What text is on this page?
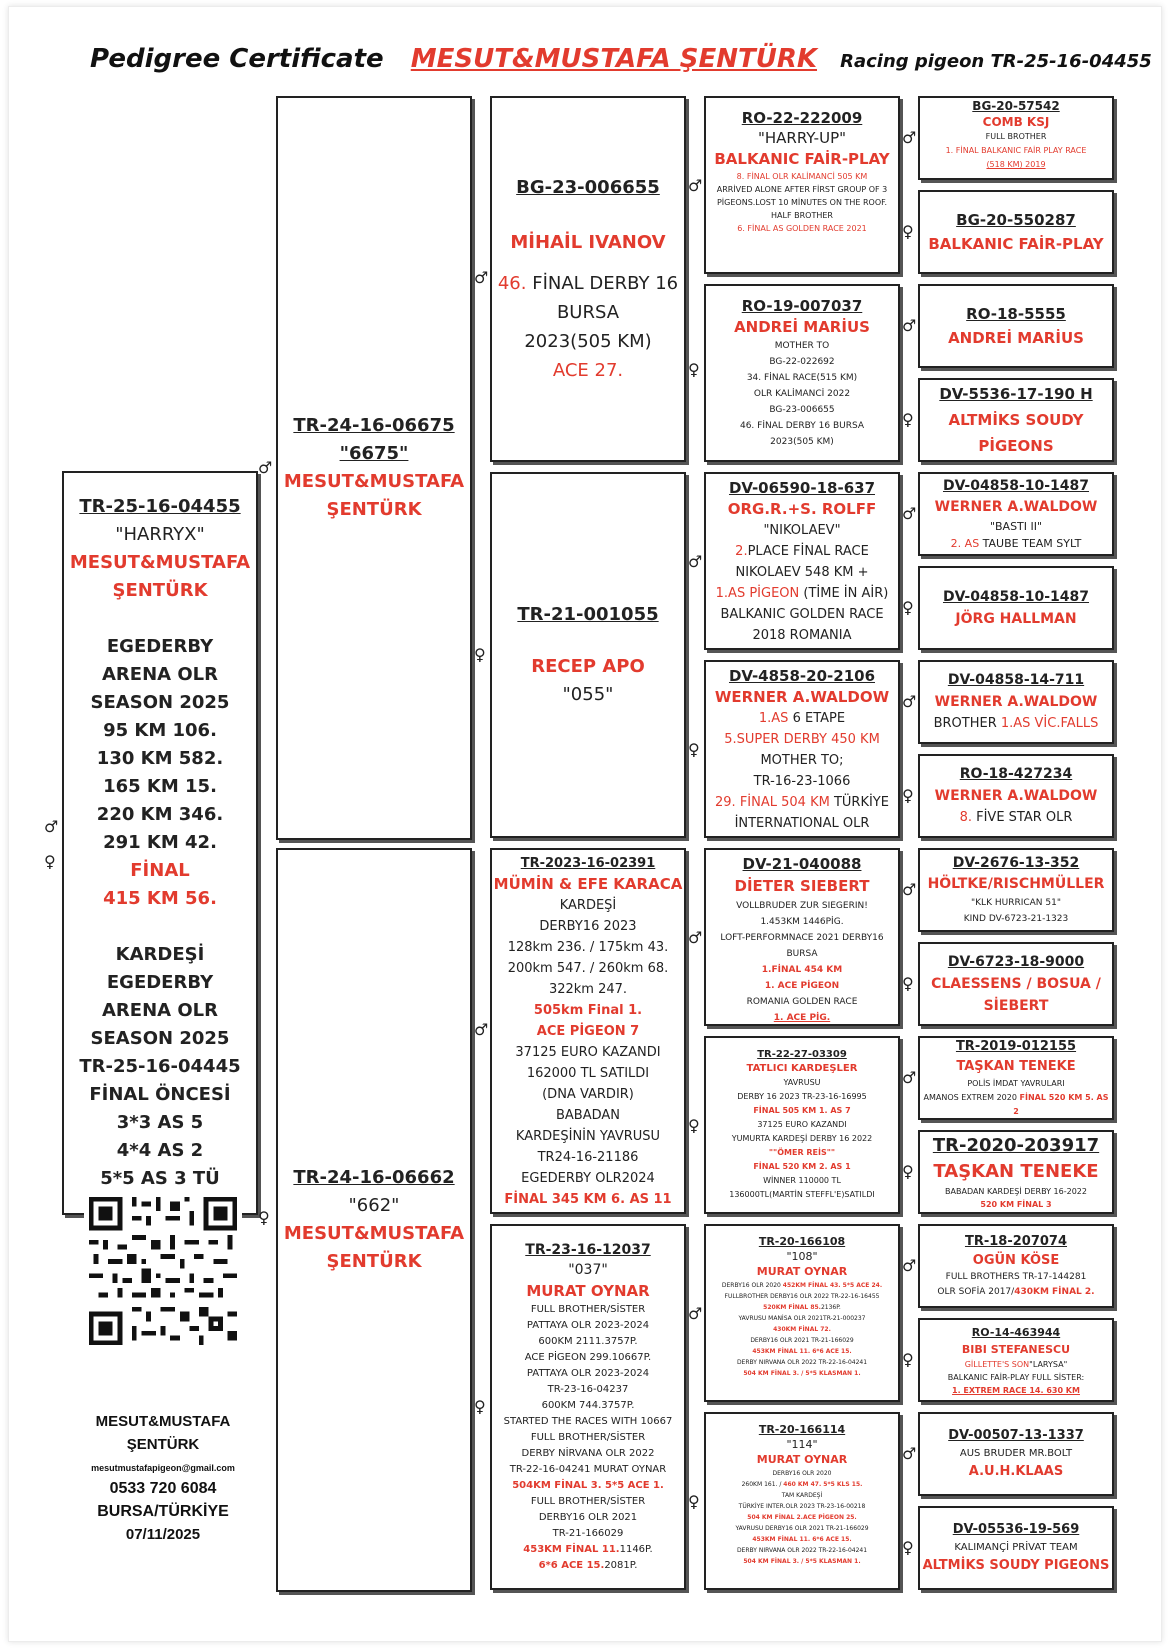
Pedigree Certificate MESUT&MUSTAFA ŞENTÜRK Racing pigeon TR-25-16-04455
TR-25-16-04455
"HARRYX"
MESUT&MUSTAFA
ŞENTÜRK
EGEDERBY
ARENA OLR
SEASON 2025
95 KM 106.
130 KM 582.
165 KM 15.
220 KM 346.
291 KM 42.
FİNAL
415 KM 56.
KARDEŞİ
EGEDERBY
ARENA OLR
SEASON 2025
TR-25-16-04445
FİNAL ÖNCESİ
3*3 AS 5
4*4 AS 2
5*5 AS 3 TÜ
♂
♀
TR-24-16-06675
"6675"
MESUT&MUSTAFA
ŞENTÜRK
♂
TR-24-16-06662
"662"
MESUT&MUSTAFA
ŞENTÜRK
♀
BG-23-006655
MİHAİL IVANOV
46. FİNAL DERBY 16
BURSA
2023(505 KM)
ACE 27.
♂
TR-21-001055
RECEP APO
"055"
♀
TR-2023-16-02391
MÜMİN & EFE KARACA
KARDEŞİ
DERBY16 2023
128km 236. / 175km 43.
200km 547. / 260km 68.
322km 247.
505km Final 1.
ACE PİGEON 7
37125 EURO KAZANDI
162000 TL SATILDI
(DNA VARDIR)
BABADAN
KARDEŞİNİN YAVRUSU
TR24-16-21186
EGEDERBY OLR2024
FİNAL 345 KM 6. AS 11
♂
TR-23-16-12037
"037"
MURAT OYNAR
FULL BROTHER/SİSTER
PATTAYA OLR 2023-2024
600KM 2111.3757P.
ACE PİGEON 299.10667P.
PATTAYA OLR 2023-2024
TR-23-16-04237
600KM 744.3757P.
STARTED THE RACES WITH 10667
FULL BROTHER/SİSTER
DERBY NİRVANA OLR 2022
TR-22-16-04241 MURAT OYNAR
504KM FİNAL 3. 5*5 ACE 1.
FULL BROTHER/SİSTER
DERBY16 OLR 2021
TR-21-166029
453KM FİNAL 11.1146P.
6*6 ACE 15.2081P.
♀
RO-22-222009
"HARRY-UP"
BALKANIC FAİR-PLAY
8. FİNAL OLR KALİMANCİ 505 KM
ARRİVED ALONE AFTER FİRST GROUP OF 3
PİGEONS.LOST 10 MİNUTES ON THE ROOF.
HALF BROTHER
6. FİNAL AS GOLDEN RACE 2021
♂
RO-19-007037
ANDREİ MARİUS
MOTHER TO
BG-22-022692
34. FİNAL RACE(515 KM)
OLR KALİMANCİ 2022
BG-23-006655
46. FİNAL DERBY 16 BURSA
2023(505 KM)
♀
DV-06590-18-637
ORG.R.+S. ROLFF
"NIKOLAEV"
2.PLACE FİNAL RACE
NIKOLAEV 548 KM +
1.AS PİGEON (TİME İN AİR)
BALKANIC GOLDEN RACE
2018 ROMANIA
♂
DV-4858-20-2106
WERNER A.WALDOW
1.AS 6 ETAPE
5.SUPER DERBY 450 KM
MOTHER TO;
TR-16-23-1066
29. FİNAL 504 KM TÜRKİYE
İNTERNATIONAL OLR
♀
DV-21-040088
DİETER SIEBERT
VOLLBRUDER ZUR SIEGERIN!
1.453KM 1446PİG.
LOFT-PERFORMNACE 2021 DERBY16
BURSA
1.FİNAL 454 KM
1. ACE PİGEON
ROMANIA GOLDEN RACE
1. ACE PİG.
♂
TR-22-27-03309
TATLICI KARDEŞLER
YAVRUSU
DERBY 16 2023 TR-23-16-16995
FİNAL 505 KM 1. AS 7
37125 EURO KAZANDI
YUMURTA KARDEŞİ DERBY 16 2022
""ÖMER REİS""
FİNAL 520 KM 2. AS 1
WİNNER 110000 TL
136000TL(MARTİN STEFFL'E)SATILDI
♀
TR-20-166108
"108"
MURAT OYNAR
DERBY16 OLR 2020 452KM FİNAL 43. 5*5 ACE 24.
FULLBROTHER DERBY16 OLR 2022 TR-22-16-16455
520KM FİNAL 85.2136P.
YAVRUSU MANİSA OLR 2021TR-21-000237
430KM FİNAL 72.
DERBY16 OLR 2021 TR-21-166029
453KM FİNAL 11. 6*6 ACE 15.
DERBY NIRVANA OLR 2022 TR-22-16-04241
504 KM FİNAL 3. / 5*5 KLASMAN 1.
♂
TR-20-166114
"114"
MURAT OYNAR
DERBY16 OLR 2020
260KM 161. / 460 KM 47. 5*5 KLS 15.
TAM KARDEŞİ
TÜRKİYE INTER.OLR 2023 TR-23-16-00218
504 KM FİNAL 2.ACE PİGEON 25.
YAVRUSU DERBY16 OLR 2021 TR-21-166029
453KM FİNAL 11. 6*6 ACE 15.
DERBY NIRVANA OLR 2022 TR-22-16-04241
504 KM FİNAL 3. / 5*5 KLASMAN 1.
♀
BG-20-57542
COMB KSJ
FULL BROTHER
1. FİNAL BALKANIC FAİR PLAY RACE
(518 KM) 2019
♂
BG-20-550287
BALKANIC FAİR-PLAY
♀
RO-18-5555
ANDREİ MARİUS
♂
DV-5536-17-190 H
ALTMİKS SOUDY
PİGEONS
♀
DV-04858-10-1487
WERNER A.WALDOW
"BASTI II"
2. AS TAUBE TEAM SYLT
♂
DV-04858-10-1487
JÖRG HALLMAN
♀
DV-04858-14-711
WERNER A.WALDOW
BROTHER 1.AS VİC.FALLS
♂
RO-18-427234
WERNER A.WALDOW
8. FİVE STAR OLR
♀
DV-2676-13-352
HÖLTKE/RISCHMÜLLER
"KLK HURRICAN 51"
KIND DV-6723-21-1323
♂
DV-6723-18-9000
CLAESSENS / BOSUA /
SİEBERT
♀
TR-2019-012155
TAŞKAN TENEKE
POLİS İMDAT YAVRULARI
AMANOS EXTREM 2020 FİNAL 520 KM 5. AS 2
♂
TR-2020-203917
TAŞKAN TENEKE
BABADAN KARDEŞİ DERBY 16-2022
520 KM FİNAL 3
♀
TR-18-207074
OGÜN KÖSE
FULL BROTHERS TR-17-144281
OLR SOFİA 2017/430KM FİNAL 2.
♂
RO-14-463944
BIBI STEFANESCU
GİLLETTE'S SON"LARYSA"
BALKANIC FAİR-PLAY FULL SİSTER:
1. EXTREM RACE 14. 630 KM
♀
DV-00507-13-1337
AUS BRUDER MR.BOLT
A.U.H.KLAAS
♂
DV-05536-19-569
KALIMANÇİ PRİVAT TEAM
ALTMİKS SOUDY PIGEONS
♀
MESUT&MUSTAFA
ŞENTÜRK
mesutmustafapigeon@gmail.com
0533 720 6084
BURSA/TÜRKİYE
07/11/2025
